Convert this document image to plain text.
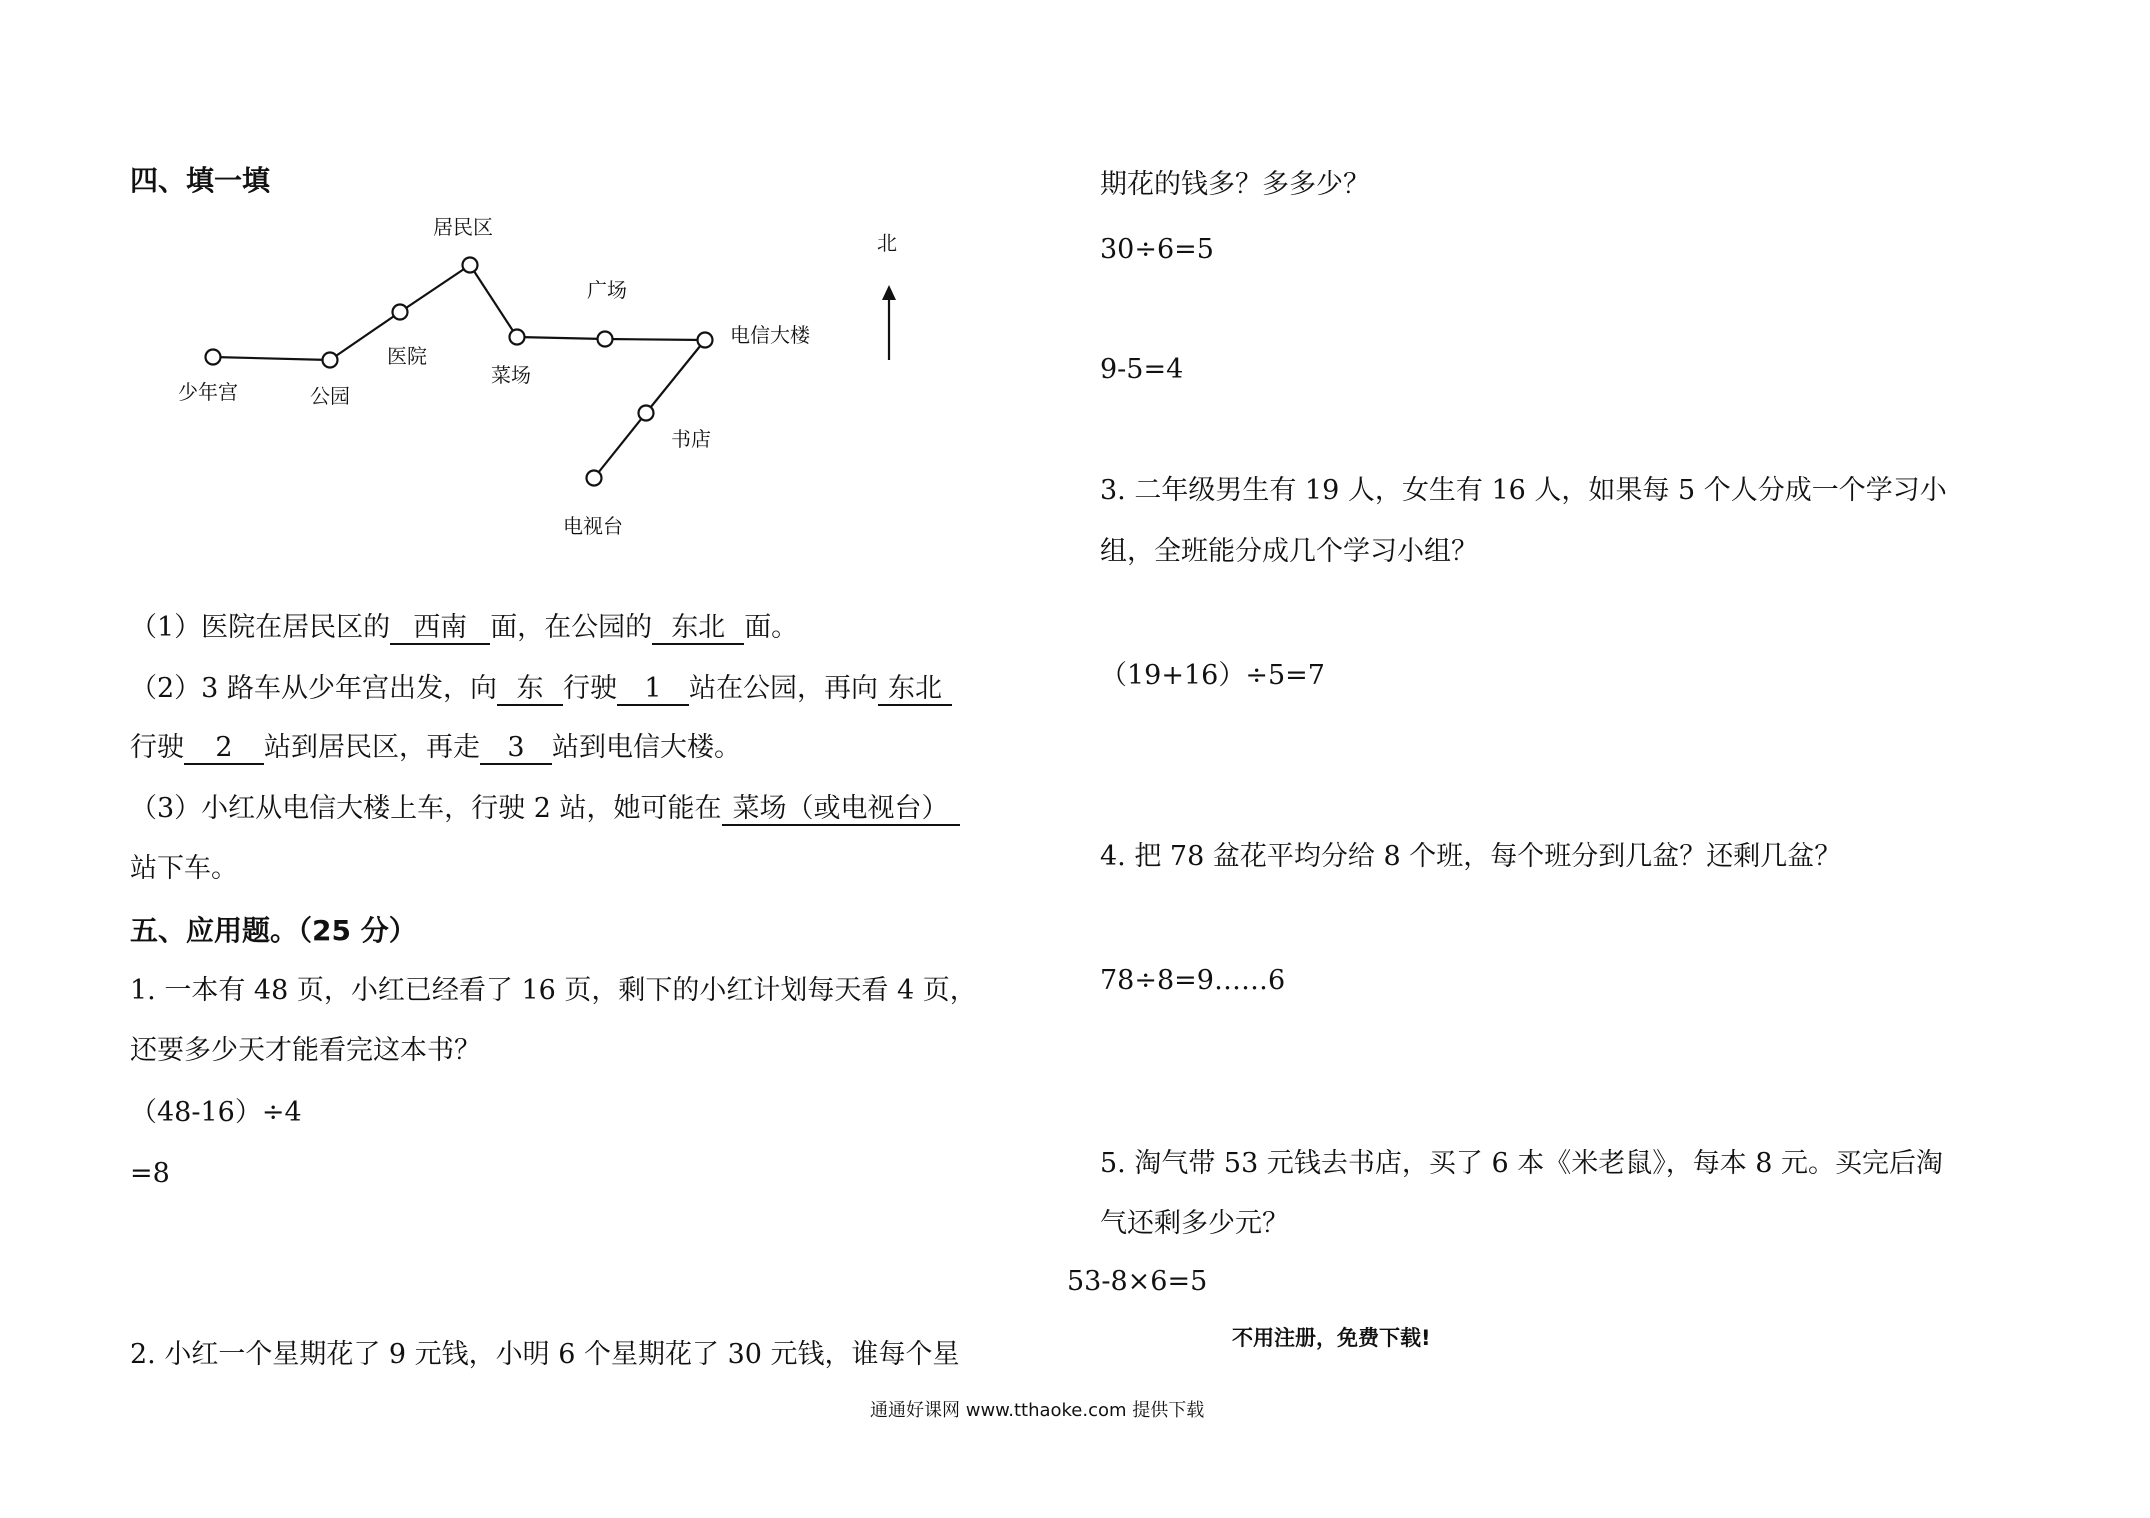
四、填一填
少年宫	公园
医院
居民区
菜场
广场
电信大楼
书店
电视台
北
（1）医院在居民区的 西南 面，在公园的 东北 面。
（2）3 路车从少年宫出发，向 东 行驶 1 站在公园，再向 东北
行驶 2 站到居民区，再走 3 站到电信大楼。
（3）小红从电信大楼上车，行驶 2 站，她可能在 菜场（或电视台）
站下车。
五、应用题。（25 分）
1. 一本有 48 页，小红已经看了 16 页，剩下的小红计划每天看 4 页，
还要多少天才能看完这本书？
（48-16）÷4
=8
2. 小红一个星期花了 9 元钱，小明 6 个星期花了 30 元钱，谁每个星
期花的钱多？多多少？
30÷6=5
9-5=4
3. 二年级男生有 19 人，女生有 16 人，如果每 5 个人分成一个学习小
组，全班能分成几个学习小组？
（19+16）÷5=7
4. 把 78 盆花平均分给 8 个班，每个班分到几盆？还剩几盆？
78÷8=9……6
5. 淘气带 53 元钱去书店，买了 6 本《米老鼠》，每本 8 元。买完后淘
气还剩多少元？
53-8×6=5
不用注册，免费下载!
通通好课网 www.tthaoke.com 提供下载
